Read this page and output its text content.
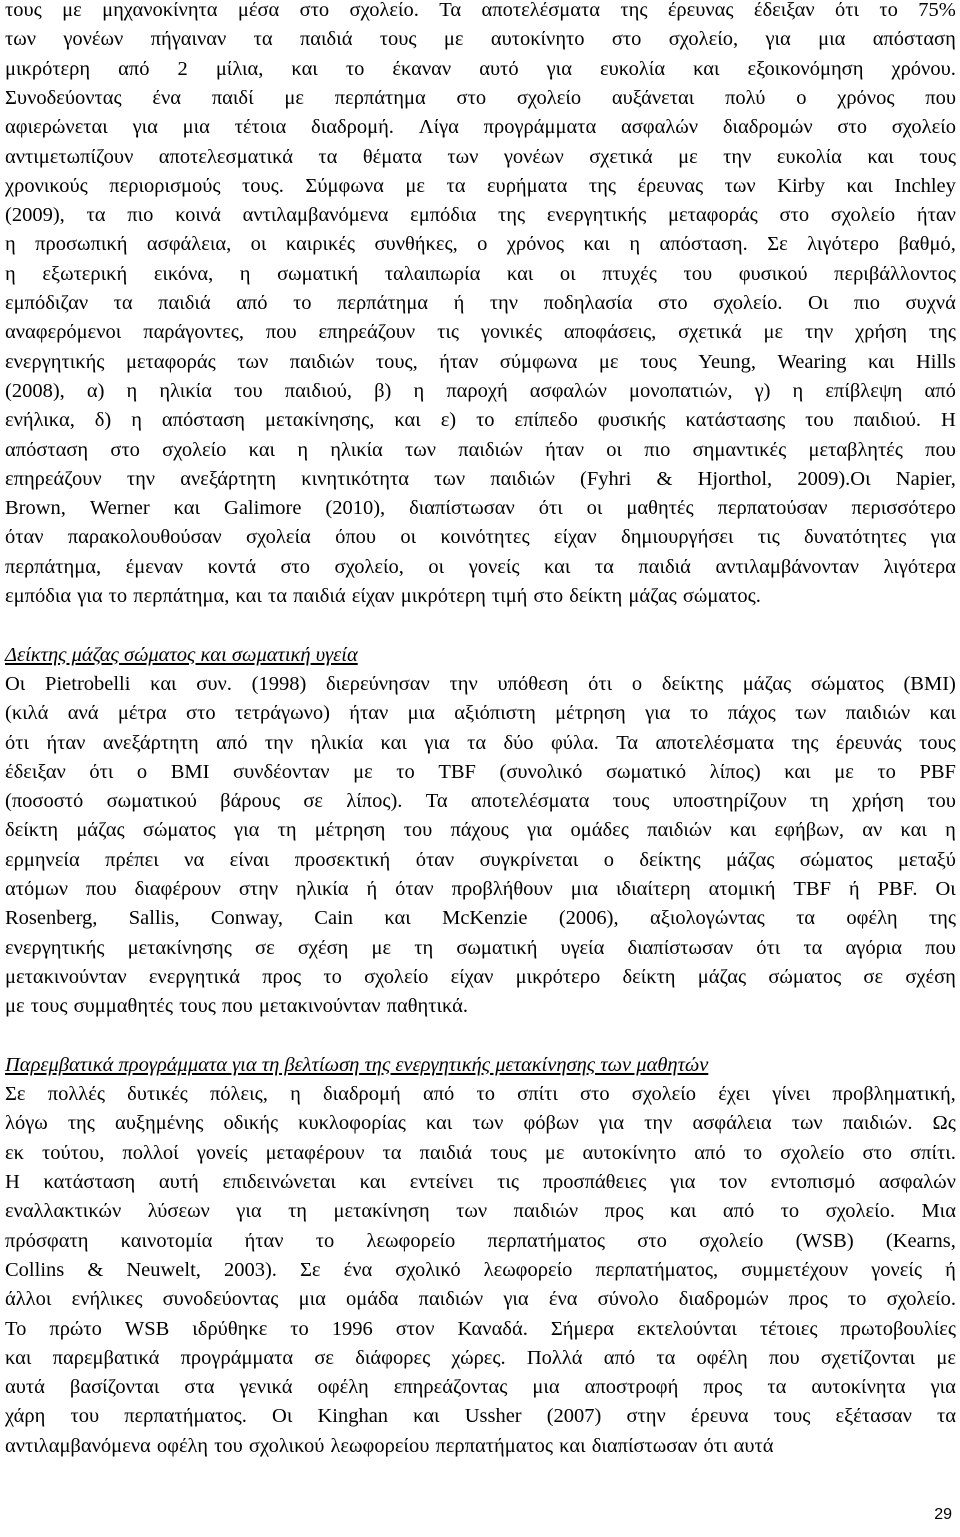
τους με μηχανοκίνητα μέσα στο σχολείο. Τα αποτελέσματα της έρευνας έδειξαν ότι το 75%
των γονέων πήγαιναν τα παιδιά τους με αυτοκίνητο στο σχολείο, για μια απόσταση
μικρότερη από 2 μίλια, και το έκαναν αυτό για ευκολία και εξοικονόμηση χρόνου.
Συνοδεύοντας ένα παιδί με περπάτημα στο σχολείο αυξάνεται πολύ ο χρόνος που
αφιερώνεται για μια τέτοια διαδρομή. Λίγα προγράμματα ασφαλών διαδρομών στο σχολείο
αντιμετωπίζουν αποτελεσματικά τα θέματα των γονέων σχετικά με την ευκολία και τους
χρονικούς περιορισμούς τους. Σύμφωνα με τα ευρήματα της έρευνας των Kirby και Inchley
(2009), τα πιο κοινά αντιλαμβανόμενα εμπόδια της ενεργητικής μεταφοράς στο σχολείο ήταν
η προσωπική ασφάλεια, οι καιρικές συνθήκες, ο χρόνος και η απόσταση. Σε λιγότερο βαθμό,
η εξωτερική εικόνα, η σωματική ταλαιπωρία και οι πτυχές του φυσικού περιβάλλοντος
εμπόδιζαν τα παιδιά από το περπάτημα ή την ποδηλασία στο σχολείο. Οι πιο συχνά
αναφερόμενοι παράγοντες, που επηρεάζουν τις γονικές αποφάσεις, σχετικά με την χρήση της
ενεργητικής μεταφοράς των παιδιών τους, ήταν σύμφωνα με τους Yeung, Wearing και Hills
(2008), α) η ηλικία του παιδιού, β) η παροχή ασφαλών μονοπατιών, γ) η επίβλεψη από
ενήλικα, δ) η απόσταση μετακίνησης, και ε) το επίπεδο φυσικής κατάστασης του παιδιού. Η
απόσταση στο σχολείο και η ηλικία των παιδιών ήταν οι πιο σημαντικές μεταβλητές που
επηρεάζουν την ανεξάρτητη κινητικότητα των παιδιών (Fyhri & Hjorthol, 2009).Οι Napier,
Brown, Werner και Galimore (2010), διαπίστωσαν ότι οι μαθητές περπατούσαν περισσότερο
όταν παρακολουθούσαν σχολεία όπου οι κοινότητες είχαν δημιουργήσει τις δυνατότητες για
περπάτημα, έμεναν κοντά στο σχολείο, οι γονείς και τα παιδιά αντιλαμβάνονταν λιγότερα
εμπόδια για το περπάτημα, και τα παιδιά είχαν μικρότερη τιμή στο δείκτη μάζας σώματος.
Δείκτης μάζας σώματος και σωματική υγεία
Οι Pietrobelli και συν. (1998) διερεύνησαν την υπόθεση ότι ο δείκτης μάζας σώματος (BMI)
(κιλά ανά μέτρα στο τετράγωνο) ήταν μια αξιόπιστη μέτρηση για το πάχος των παιδιών και
ότι ήταν ανεξάρτητη από την ηλικία και για τα δύο φύλα. Τα αποτελέσματα της έρευνάς τους
έδειξαν ότι ο BMI συνδέονταν με το TBF (συνολικό σωματικό λίπος) και με το PBF
(ποσοστό σωματικού βάρους σε λίπος). Τα αποτελέσματα τους υποστηρίζουν τη χρήση του
δείκτη μάζας σώματος για τη μέτρηση του πάχους για ομάδες παιδιών και εφήβων, αν και η
ερμηνεία πρέπει να είναι προσεκτική όταν συγκρίνεται ο δείκτης μάζας σώματος μεταξύ
ατόμων που διαφέρουν στην ηλικία ή όταν προβλήθουν μια ιδιαίτερη ατομική TBF ή PBF. Οι
Rosenberg, Sallis, Conway, Cain και McKenzie (2006), αξιολογώντας τα οφέλη της
ενεργητικής μετακίνησης σε σχέση με τη σωματική υγεία διαπίστωσαν ότι τα αγόρια που
μετακινούνταν ενεργητικά προς το σχολείο είχαν μικρότερο δείκτη μάζας σώματος σε σχέση
με τους συμμαθητές τους που μετακινούνταν παθητικά.
Παρεμβατικά προγράμματα για τη βελτίωση της ενεργητικής μετακίνησης των μαθητών
Σε πολλές δυτικές πόλεις, η διαδρομή από το σπίτι στο σχολείο έχει γίνει προβληματική,
λόγω της αυξημένης οδικής κυκλοφορίας και των φόβων για την ασφάλεια των παιδιών. Ως
εκ τούτου, πολλοί γονείς μεταφέρουν τα παιδιά τους με αυτοκίνητο από το σχολείο στο σπίτι.
Η κατάσταση αυτή επιδεινώνεται και εντείνει τις προσπάθειες για τον εντοπισμό ασφαλών
εναλλακτικών λύσεων για τη μετακίνηση των παιδιών προς και από το σχολείο. Μια
πρόσφατη καινοτομία ήταν το λεωφορείο περπατήματος στο σχολείο (WSB) (Kearns,
Collins & Neuwelt, 2003). Σε ένα σχολικό λεωφορείο περπατήματος, συμμετέχουν γονείς ή
άλλοι ενήλικες συνοδεύοντας μια ομάδα παιδιών για ένα σύνολο διαδρομών προς το σχολείο.
Το πρώτο WSB ιδρύθηκε το 1996 στον Καναδά. Σήμερα εκτελούνται τέτοιες πρωτοβουλίες
και παρεμβατικά προγράμματα σε διάφορες χώρες. Πολλά από τα οφέλη που σχετίζονται με
αυτά βασίζονται στα γενικά οφέλη επηρεάζοντας μια αποστροφή προς τα αυτοκίνητα για
χάρη του περπατήματος. Οι Kinghan και Ussher (2007) στην έρευνα τους εξέτασαν τα
αντιλαμβανόμενα οφέλη του σχολικού λεωφορείου περπατήματος και διαπίστωσαν ότι αυτά
29
